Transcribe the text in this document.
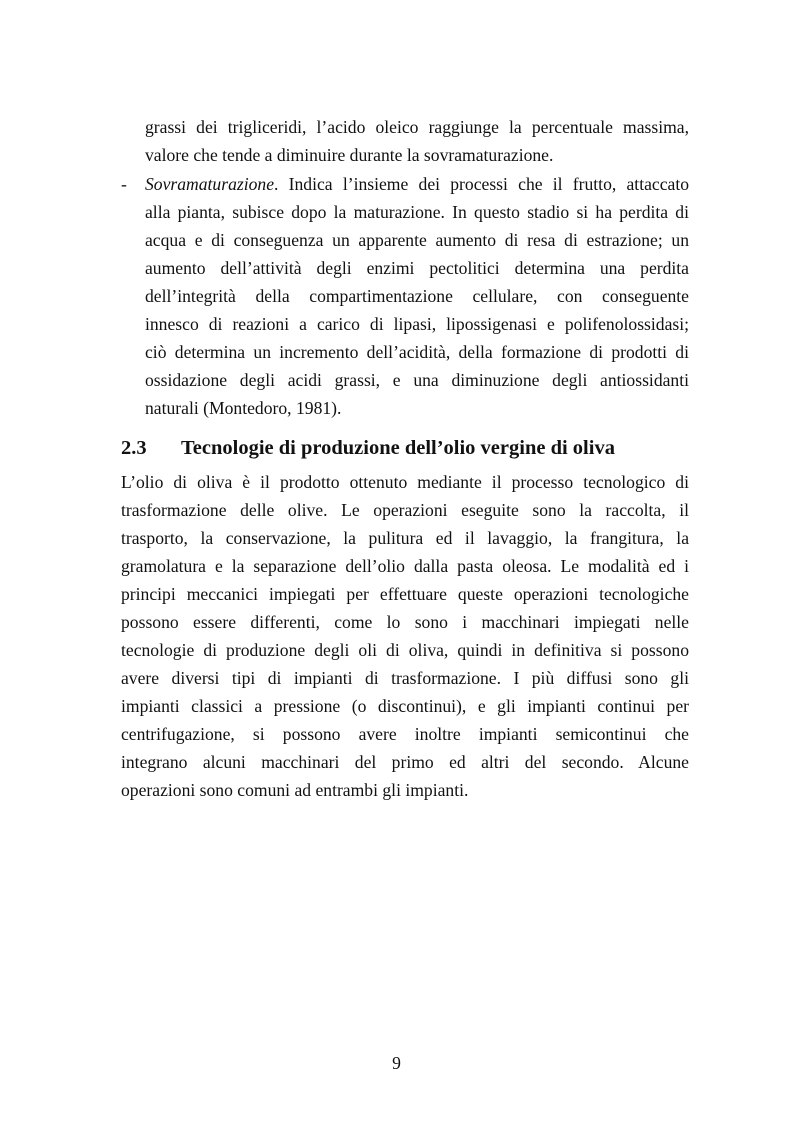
grassi dei trigliceridi, l’acido oleico raggiunge la percentuale massima,
valore che tende a diminuire durante la sovramaturazione.
- Sovramaturazione. Indica l’insieme dei processi che il frutto, attaccato
alla pianta, subisce dopo la maturazione. In questo stadio si ha perdita di
acqua e di conseguenza un apparente aumento di resa di estrazione; un
aumento dell’attività degli enzimi pectolitici determina una perdita
dell’integrità della compartimentazione cellulare, con conseguente
innesco di reazioni a carico di lipasi, lipossigenasi e polifenolossidasi;
ciò determina un incremento dell’acidità, della formazione di prodotti di
ossidazione degli acidi grassi, e una diminuzione degli antiossidanti
naturali (Montedoro, 1981).
2.3 Tecnologie di produzione dell’olio vergine di oliva
L’olio di oliva è il prodotto ottenuto mediante il processo tecnologico di
trasformazione delle olive. Le operazioni eseguite sono la raccolta, il
trasporto, la conservazione, la pulitura ed il lavaggio, la frangitura, la
gramolatura e la separazione dell’olio dalla pasta oleosa. Le modalità ed i
principi meccanici impiegati per effettuare queste operazioni tecnologiche
possono essere differenti, come lo sono i macchinari impiegati nelle
tecnologie di produzione degli oli di oliva, quindi in definitiva si possono
avere diversi tipi di impianti di trasformazione. I più diffusi sono gli
impianti classici a pressione (o discontinui), e gli impianti continui per
centrifugazione, si possono avere inoltre impianti semicontinui che
integrano alcuni macchinari del primo ed altri del secondo. Alcune
operazioni sono comuni ad entrambi gli impianti.
9
